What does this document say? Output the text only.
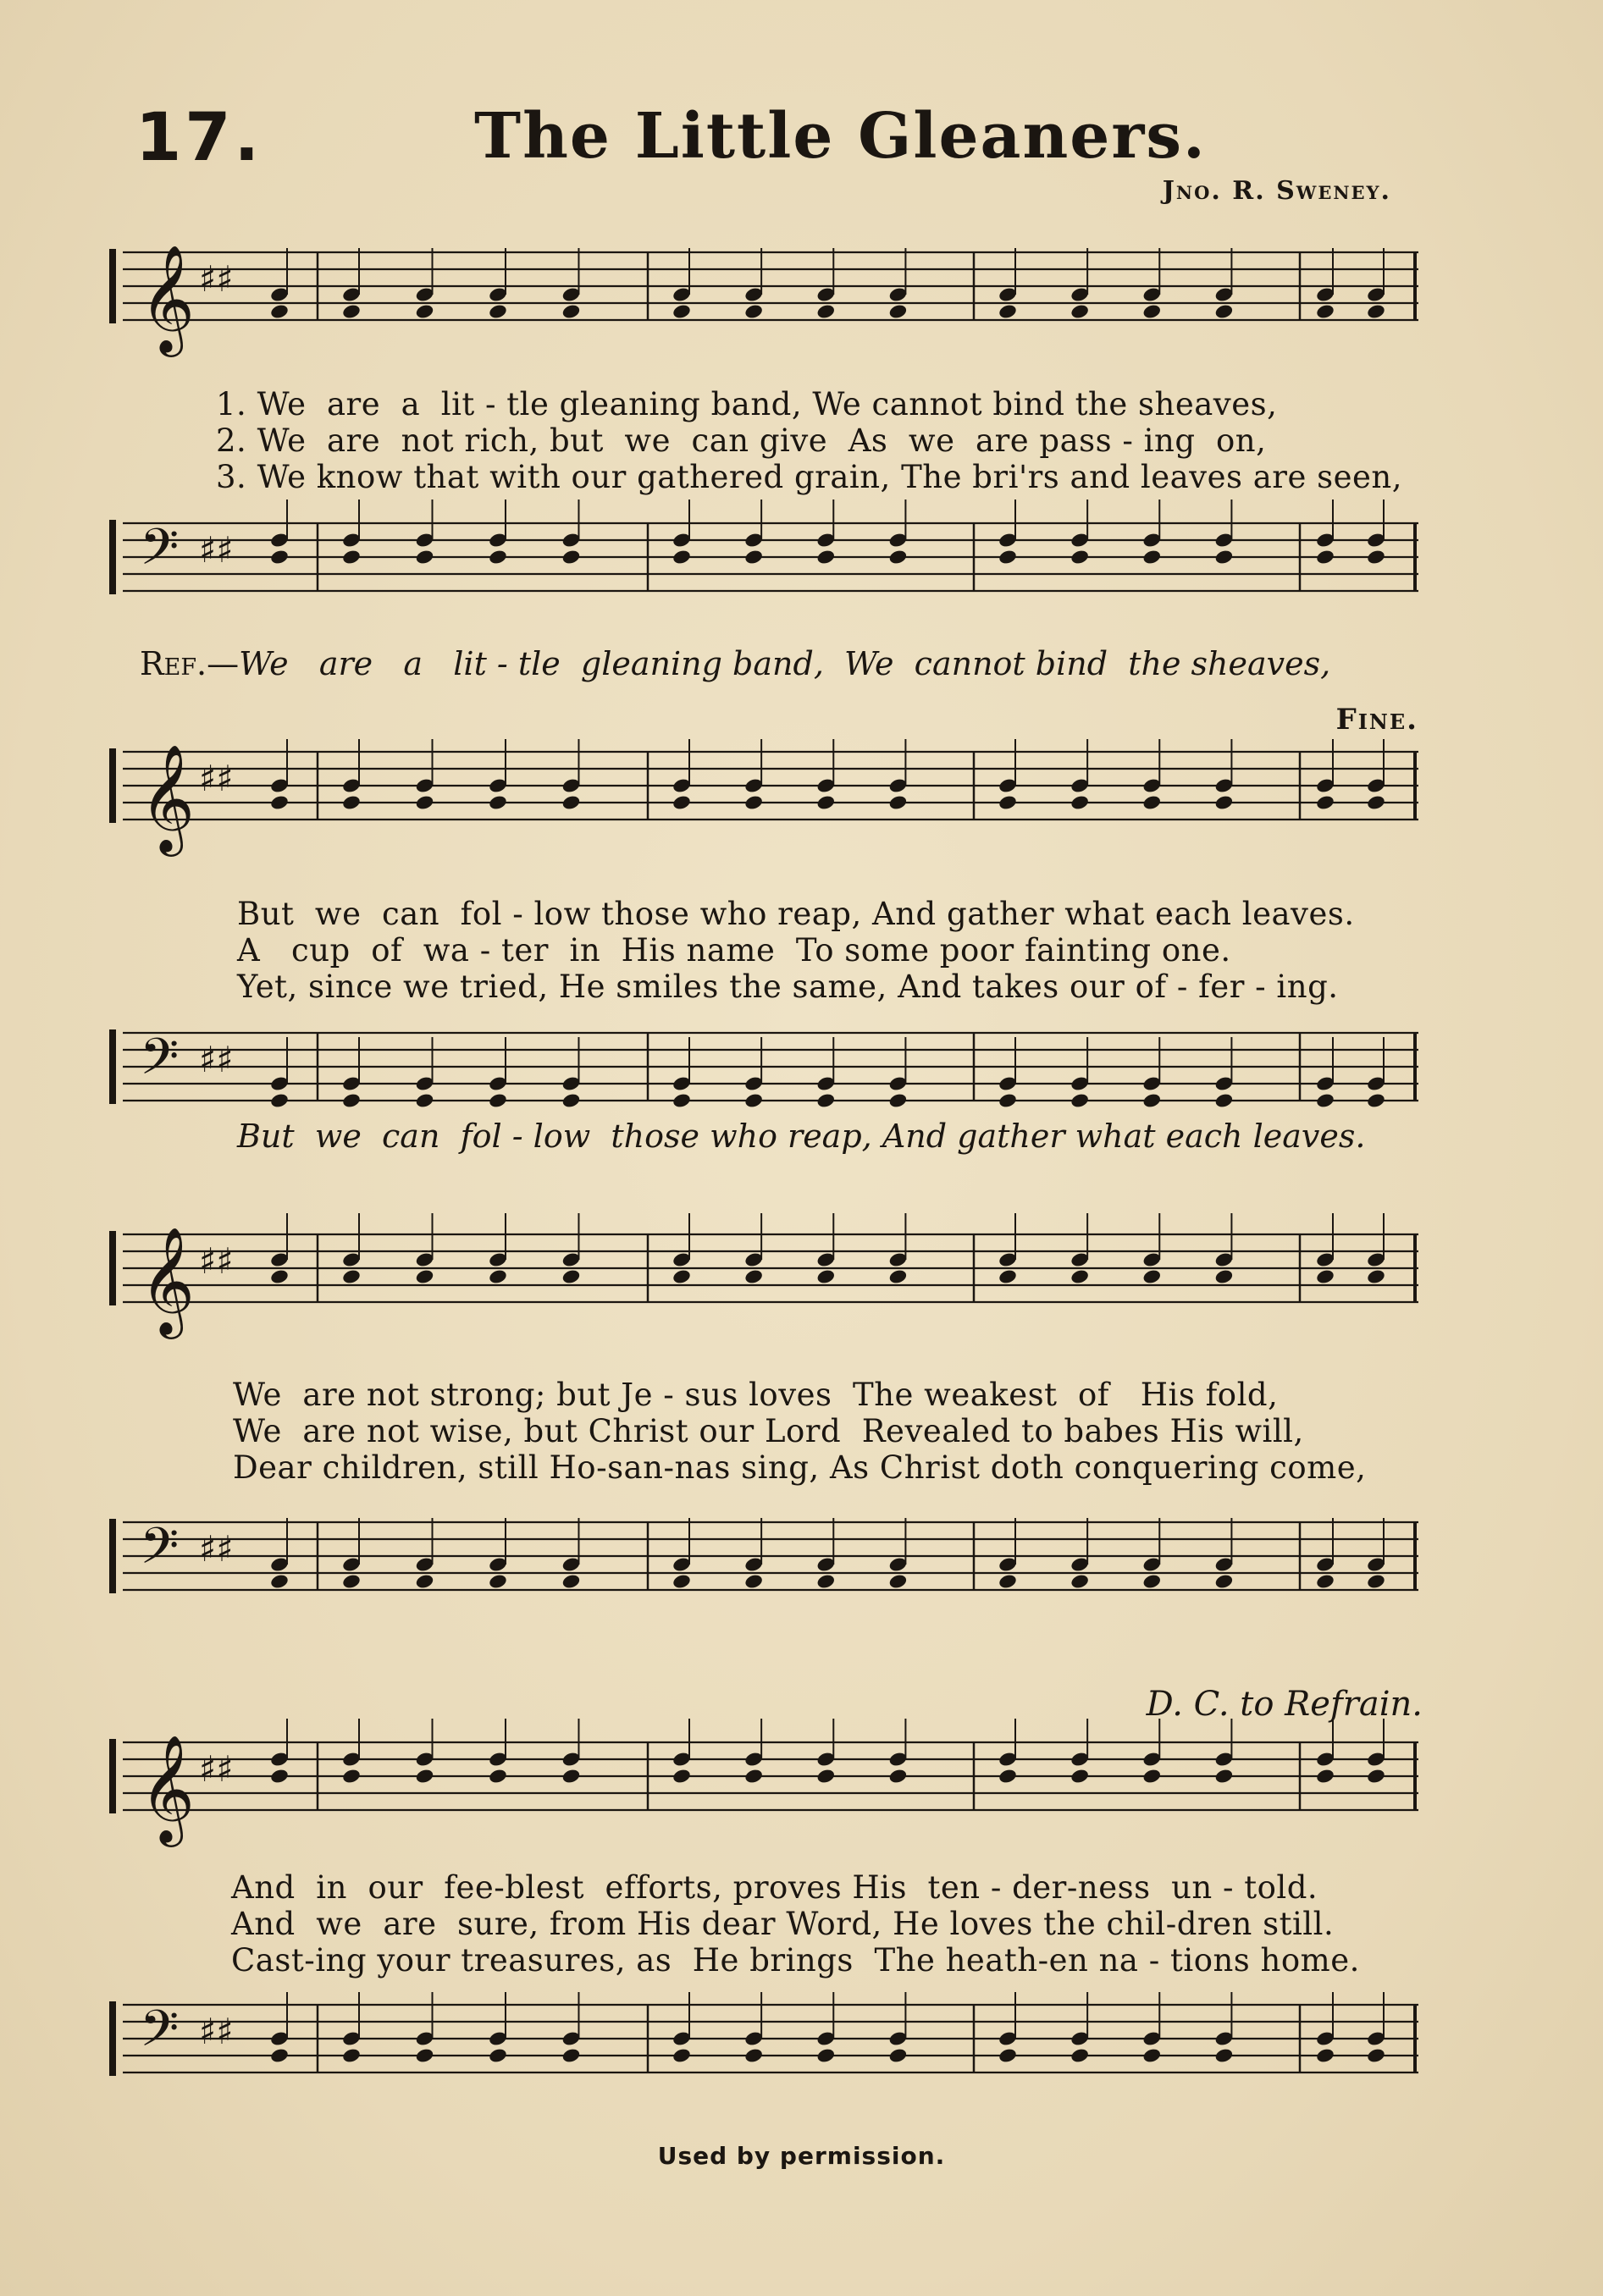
17.	The Little Gleaners.
Jno. R. Sweney.
𝄞 ♯♯
1. We  are  a  lit - tle gleaning band, We cannot bind the sheaves,
2. We  are  not rich, but  we  can give  As  we  are pass - ing  on,
3. We know that with our gathered grain, The bri'rs and leaves are seen,
𝄢 ♯♯
Ref.—We   are   a   lit - tle  gleaning band,  We  cannot bind  the sheaves,
Fine.
𝄞 ♯♯
But  we  can  fol - low those who reap, And gather what each leaves.
A   cup  of  wa - ter  in  His name  To some poor fainting one.
Yet, since we tried, He smiles the same, And takes our of - fer - ing.
𝄢 ♯♯
But  we  can  fol - low  those who reap, And gather what each leaves.
𝄞 ♯♯
We  are not strong; but Je - sus loves  The weakest  of   His fold,
We  are not wise, but Christ our Lord  Revealed to babes His will,
Dear children, still Ho-san-nas sing, As Christ doth conquering come,
𝄢 ♯♯
D. C. to Refrain.
𝄞 ♯♯
And  in  our  fee-blest  efforts, proves His  ten - der-ness  un - told.
And  we  are  sure, from His dear Word, He loves the chil-dren still.
Cast-ing your treasures, as  He brings  The heath-en na - tions home.
𝄢 ♯♯
Used by permission.
